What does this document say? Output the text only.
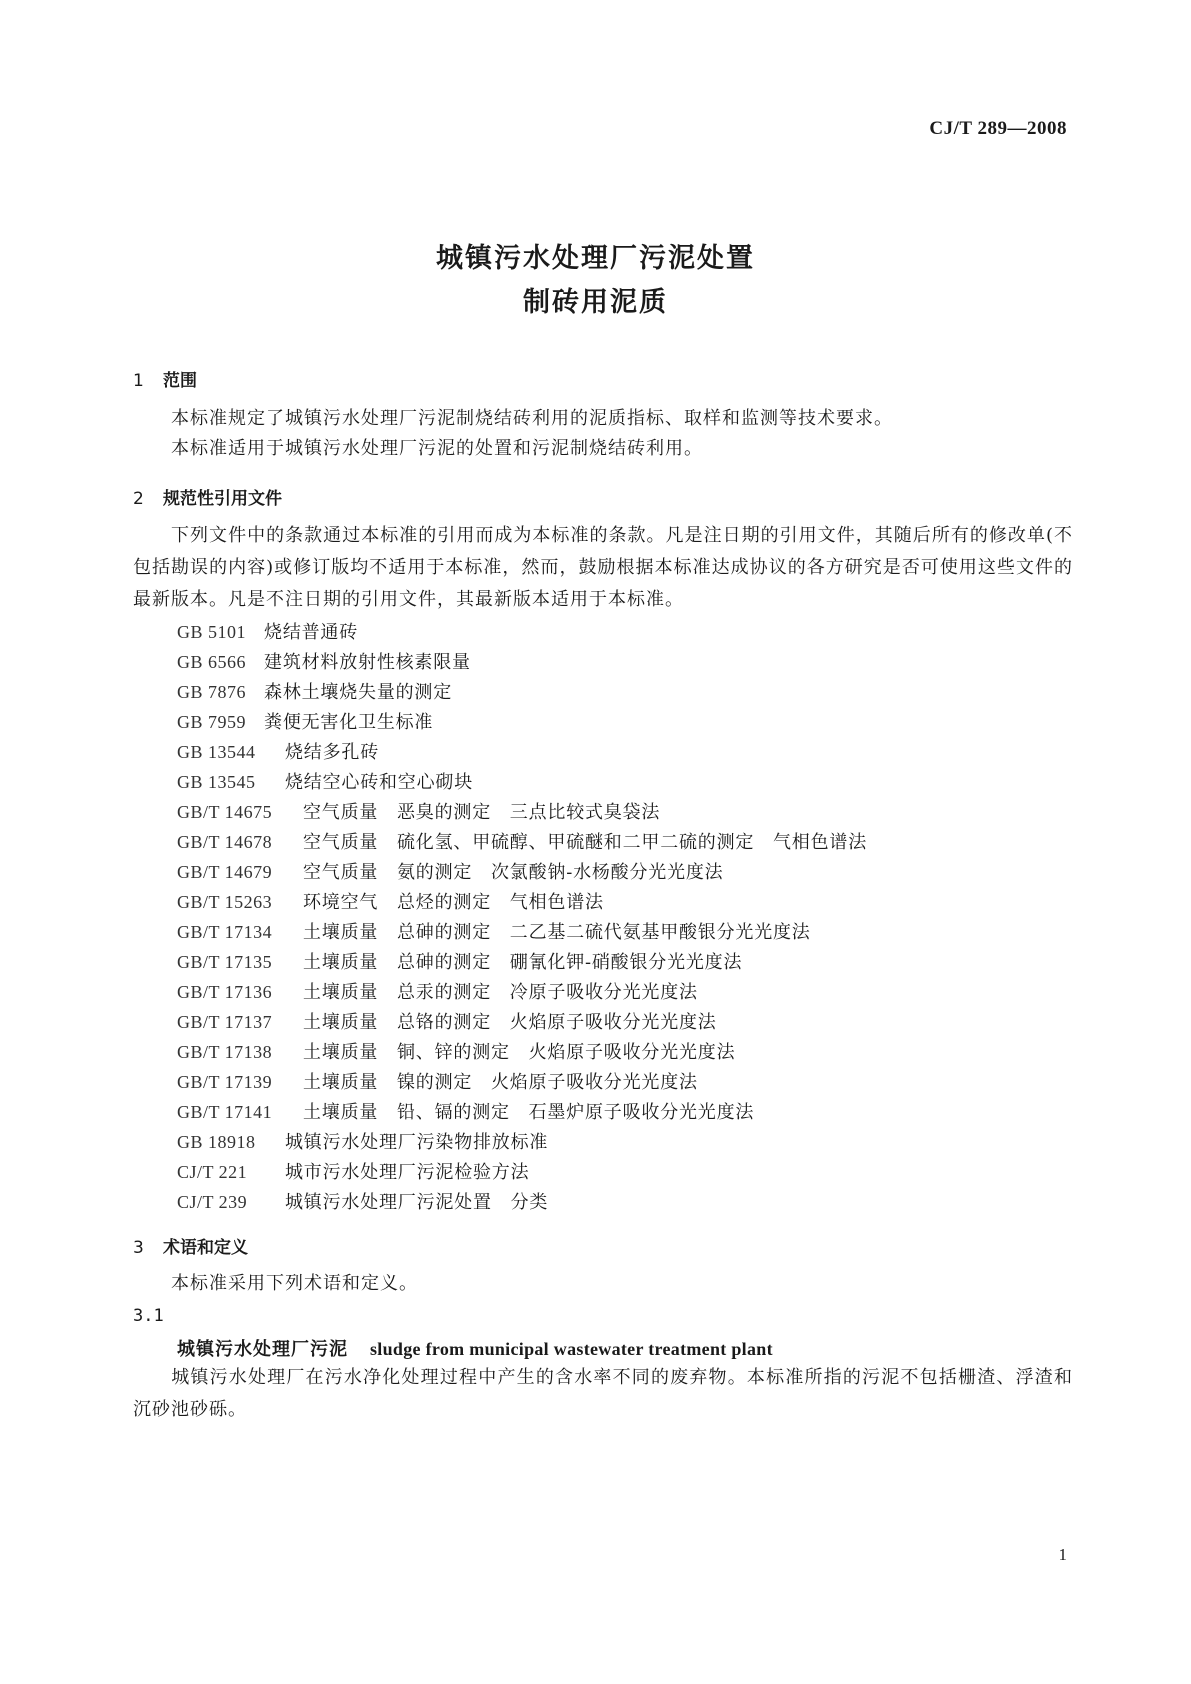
CJ/T 289—2008
城镇污水处理厂污泥处置
制砖用泥质
1 范围
本标准规定了城镇污水处理厂污泥制烧结砖利用的泥质指标、取样和监测等技术要求。
本标准适用于城镇污水处理厂污泥的处置和污泥制烧结砖利用。
2 规范性引用文件
下列文件中的条款通过本标准的引用而成为本标准的条款。凡是注日期的引用文件，其随后所有的修改单(不包括勘误的内容)或修订版均不适用于本标准，然而，鼓励根据本标准达成协议的各方研究是否可使用这些文件的最新版本。凡是不注日期的引用文件，其最新版本适用于本标准。
GB 5101 烧结普通砖
GB 6566 建筑材料放射性核素限量
GB 7876 森林土壤烧失量的测定
GB 7959 粪便无害化卫生标准
GB 13544 烧结多孔砖
GB 13545 烧结空心砖和空心砌块
GB/T 14675 空气质量　恶臭的测定　三点比较式臭袋法
GB/T 14678 空气质量　硫化氢、甲硫醇、甲硫醚和二甲二硫的测定　气相色谱法
GB/T 14679 空气质量　氨的测定　次氯酸钠-水杨酸分光光度法
GB/T 15263 环境空气　总烃的测定　气相色谱法
GB/T 17134 土壤质量　总砷的测定　二乙基二硫代氨基甲酸银分光光度法
GB/T 17135 土壤质量　总砷的测定　硼氰化钾-硝酸银分光光度法
GB/T 17136 土壤质量　总汞的测定　冷原子吸收分光光度法
GB/T 17137 土壤质量　总铬的测定　火焰原子吸收分光光度法
GB/T 17138 土壤质量　铜、锌的测定　火焰原子吸收分光光度法
GB/T 17139 土壤质量　镍的测定　火焰原子吸收分光光度法
GB/T 17141 土壤质量　铅、镉的测定　石墨炉原子吸收分光光度法
GB 18918 城镇污水处理厂污染物排放标准
CJ/T 221 城市污水处理厂污泥检验方法
CJ/T 239 城镇污水处理厂污泥处置　分类
3 术语和定义
本标准采用下列术语和定义。
3.1
城镇污水处理厂污泥 sludge from municipal wastewater treatment plant
城镇污水处理厂在污水净化处理过程中产生的含水率不同的废弃物。本标准所指的污泥不包括栅渣、浮渣和沉砂池砂砾。
1
